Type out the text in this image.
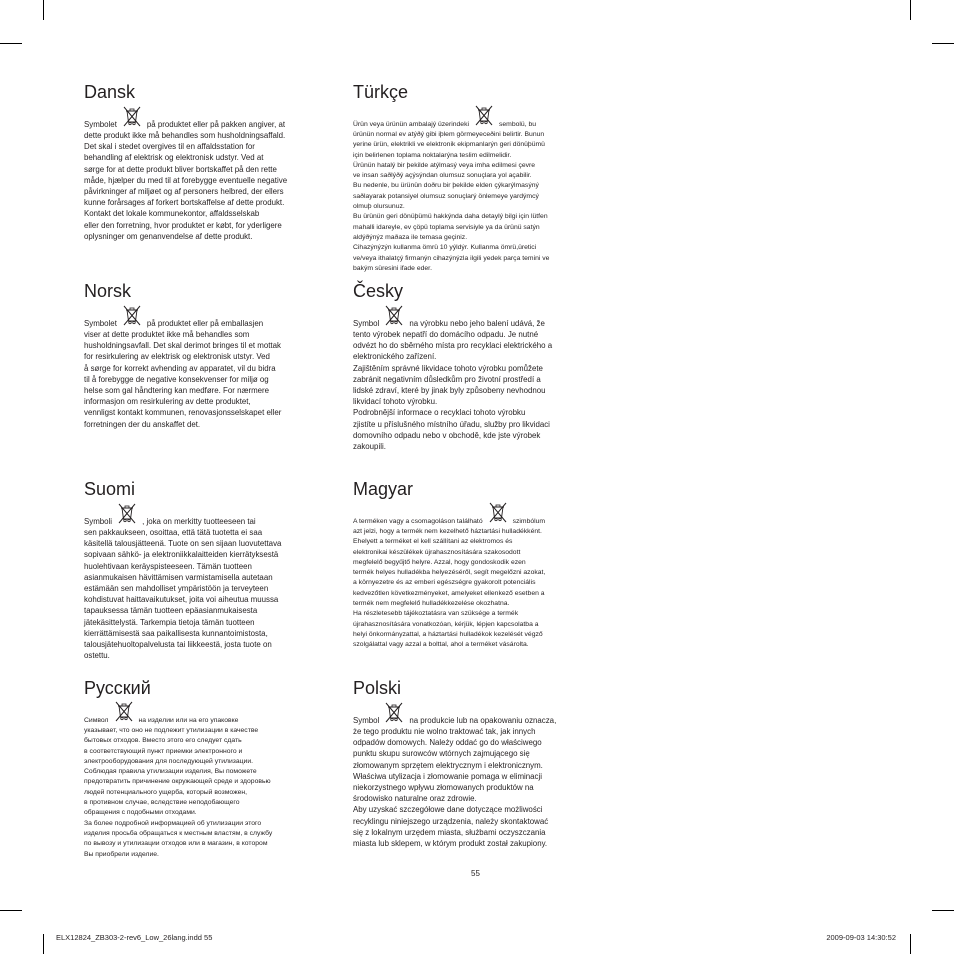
Dansk

Symbolet	på produktet eller på pakken angiver, at

dette produkt ikke må behandles som husholdningsaffald.

Det skal i stedet overgives til en affaldsstation for

behandling af elektrisk og elektronisk udstyr. Ved at

sørge for at dette produkt bliver bortskaffet på den rette

måde, hjælper du med til at forebygge eventuelle negative

påvirkninger af miljøet og af personers helbred, der ellers

kunne forårsages af forkert bortskaffelse af dette produkt.

Kontakt det lokale kommunekontor, affaldsselskab

eller den forretning, hvor produktet er købt, for yderligere

oplysninger om genanvendelse af dette produkt.

Norsk

Symbolet	på produktet eller på emballasjen

viser at dette produktet ikke må behandles som

husholdningsavfall. Det skal derimot bringes til et mottak

for resirkulering av elektrisk og elektronisk utstyr. Ved

å sørge for korrekt avhending av apparatet, vil du bidra

til å forebygge de negative konsekvenser for miljø og

helse som gal håndtering kan medføre. For nærmere

informasjon om resirkulering av dette produktet,

vennligst kontakt kommunen, renovasjonsselskapet eller

forretningen der du anskaffet det.

Suomi

Symboli	, joka on merkitty tuotteeseen tai

sen pakkaukseen, osoittaa, että tätä tuotetta ei saa

käsitellä talousjätteenä. Tuote on sen sijaan luovutettava

sopivaan sähkö- ja elektroniikkalaitteiden kierrätyksestä

huolehtivaan keräyspisteeseen. Tämän tuotteen

asianmukaisen hävittämisen varmistamisella autetaan

estämään sen mahdolliset ympäristöön ja terveyteen

kohdistuvat haittavaikutukset, joita voi aiheutua muussa

tapauksessa tämän tuotteen epäasianmukaisesta

jätekäsittelystä. Tarkempia tietoja tämän tuotteen

kierrättämisestä saa paikallisesta kunnantoimistosta,

talousjätehuoltopalvelusta tai liikkeestä, josta tuote on

ostettu.

Русский

Символ	на изделии или на его упаковке

указывает, что оно не подлежит утилизации в качестве

бытовых отходов. Вместо этого его следует сдать

в соответствующий пункт приемки электронного и

электрооборудования для последующей утилизации.

Соблюдая правила утилизации изделия, Вы поможете

предотвратить причинение окружающей среде и здоровью

людей потенциального ущерба, который возможен,

в противном случае, вследствие неподобающего

обращения с подобными отходами.

За более подробной информацией об утилизации этого

изделия просьба обращаться к местным властям, в службу

по вывозу и утилизации отходов или в магазин, в котором

Вы приобрели изделие.

Türkçe

Ürün veya ürünün ambalajý üzerindeki	sembolü, bu

ürünün normal ev atýðý gibi iþlem görmeyeceðini belirtir. Bunun

yerine ürün, elektrikli ve elektronik ekipmanlarýn geri dönüþümü

için belirlenen toplama noktalarýna teslim edilmelidir.

Ürünün hatalý bir þekilde atýlmasý veya imha edilmesi çevre

ve insan saðlýðý açýsýndan olumsuz sonuçlara yol açabilir.

Bu nedenle, bu ürünün doðru bir þekilde elden çýkarýlmasýný

saðlayarak potansiyel olumsuz sonuçlarý önlemeye yardýmcý

olmuþ olursunuz.

Bu ürünün geri dönüþümü hakkýnda daha detaylý bilgi için lütfen

mahalli idareyle, ev çöpü toplama servisiyle ya da ürünü satýn

aldýðýnýz maðaza ile temasa geçiniz.

Cihazýnýzýn kullanma ömrü 10 yýldýr. Kullanma ömrü,üretici

ve/veya ithalatçý firmanýn cihazýnýzla ilgili yedek parça temini ve

bakým süresini ifade eder.

Česky

Symbol	na výrobku nebo jeho balení udává, že

tento výrobek nepatří do domácího odpadu. Je nutné

odvézt ho do sběrného místa pro recyklaci elektrického a

elektronického zařízení.

Zajištěním správné likvidace tohoto výrobku pomůžete

zabránit negativním důsledkům pro životní prostředí a

lidské zdraví, které by jinak byly způsobeny nevhodnou

likvidací tohoto výrobku.

Podrobnější informace o recyklaci tohoto výrobku

zjistíte u příslušného místního úřadu, služby pro likvidaci

domovního odpadu nebo v obchodě, kde jste výrobek

zakoupili.

Magyar

A terméken vagy a csomagoláson található	szimbólum

azt jelzi, hogy a termék nem kezelhető háztartási hulladékként.

Ehelyett a terméket el kell szállítani az elektromos és

elektronikai készülékek újrahasznosítására szakosodott

megfelelő begyűjtő helyre. Azzal, hogy gondoskodik ezen

termék helyes hulladékba helyezéséről, segít megelőzni azokat,

a környezetre és az emberi egészségre gyakorolt potenciális

kedvezőtlen következményeket, amelyeket ellenkező esetben a

termék nem megfelelő hulladékkezelése okozhatna.

Ha részletesebb tájékoztatásra van szüksége a termék

újrahasznosítására vonatkozóan, kérjük, lépjen kapcsolatba a

helyi önkormányzattal, a háztartási hulladékok kezelését végző

szolgálattal vagy azzal a bolttal, ahol a terméket vásárolta.

Polski

Symbol	na produkcie lub na opakowaniu oznacza,

że tego produktu nie wolno traktować tak, jak innych

odpadów domowych. Należy oddać go do właściwego

punktu skupu surowców wtórnych zajmującego się

złomowanym sprzętem elektrycznym i elektronicznym.

Właściwa utylizacja i złomowanie pomaga w eliminacji

niekorzystnego wpływu złomowanych produktów na

środowisko naturalne oraz zdrowie.

Aby uzyskać szczegółowe dane dotyczące możliwości

recyklingu niniejszego urządzenia, należy skontaktować

się z lokalnym urzędem miasta, służbami oczyszczania

miasta lub sklepem, w którym produkt został zakupiony.

55
ELX12824_ZB303-2-rev6_Low_26lang.indd 55	2009-09-03 14:30:52
